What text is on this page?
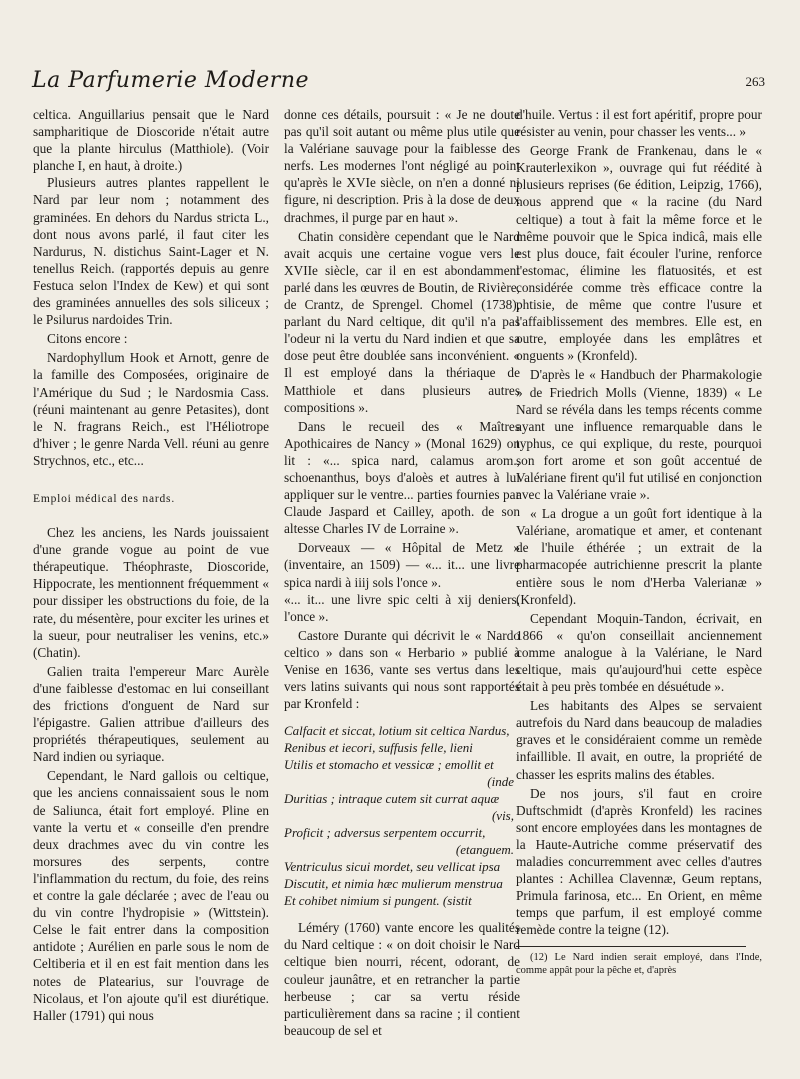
La Parfumerie Moderne	263

celtica. Anguillarius pensait que le Nard sampharitique de Dioscoride n'était autre que la plante hirculus (Matthiole). (Voir planche I, en haut, à droite.)

Plusieurs autres plantes rappellent le Nard par leur nom ; notamment des graminées. En dehors du Nardus stricta L., dont nous avons parlé, il faut citer les Nardurus, N. distichus Saint-Lager et N. tenellus Reich. (rapportés depuis au genre Festuca selon l'Index de Kew) et qui sont des graminées annuelles des sols siliceux ; le Psilurus nardoides Trin.

Citons encore :

Nardophyllum Hook et Arnott, genre de la famille des Composées, originaire de l'Amérique du Sud ; le Nardosmia Cass. (réuni maintenant au genre Petasites), dont le N. fragrans Reich., est l'Héliotrope d'hiver ; le genre Narda Vell. réuni au genre Strychnos, etc., etc...

Emploi médical des nards.

Chez les anciens, les Nards jouissaient d'une grande vogue au point de vue thérapeutique. Théophraste, Dioscoride, Hippocrate, les mentionnent fréquemment « pour dissiper les obstructions du foie, de la rate, du mésentère, pour exciter les urines et la sueur, pour neutraliser les venins, etc.» (Chatin).

Galien traita l'empereur Marc Aurèle d'une faiblesse d'estomac en lui conseillant des frictions d'onguent de Nard sur l'épigastre. Galien attribue d'ailleurs des propriétés thérapeutiques, seulement au Nard indien ou syriaque.

Cependant, le Nard gallois ou celtique, que les anciens connaissaient sous le nom de Saliunca, était fort employé. Pline en vante la vertu et « conseille d'en prendre deux drachmes avec du vin contre les morsures des serpents, contre l'inflammation du rectum, du foie, des reins et contre la gale déclarée ; avec de l'eau ou du vin contre l'hydropisie » (Wittstein). Celse le fait entrer dans la composition antidote ; Aurélien en parle sous le nom de Celtiberia et il en est fait mention dans les notes de Platearius, sur l'ouvrage de Nicolaus, et l'on ajoute qu'il est diurétique. Haller (1791) qui nous

donne ces détails, poursuit : « Je ne doute pas qu'il soit autant ou même plus utile que la Valériane sauvage pour la faiblesse des nerfs. Les modernes l'ont négligé au point qu'après le XVIe siècle, on n'en a donné ni figure, ni description. Pris à la dose de deux drachmes, il purge par en haut ».

Chatin considère cependant que le Nard avait acquis une certaine vogue vers le XVIIe siècle, car il en est abondamment parlé dans les œuvres de Boutin, de Rivière, de Crantz, de Sprengel. Chomel (1738), parlant du Nard celtique, dit qu'il n'a pas l'odeur ni la vertu du Nard indien et que sa dose peut être doublée sans inconvénient. « Il est employé dans la thériaque de Matthiole et dans plusieurs autres compositions ».

Dans le recueil des « Maîtres Apothicaires de Nancy » (Monal 1629) on lit : «... spica nard, calamus arom., schoenanthus, boys d'aloès et autres à lui appliquer sur le ventre... parties fournies par Claude Jaspard et Cailley, apoth. de son altesse Charles IV de Lorraine ».

Dorveaux — « Hôpital de Metz » (inventaire, an 1509) — «... it... une livre spica nardi à iiij sols l'once ».

«... it... une livre spic celti à xij deniers, l'once ».

Castore Durante qui décrivit le « Nardo celtico » dans son « Herbario » publié à Venise en 1636, vante ses vertus dans les vers latins suivants qui nous sont rapportés par Kronfeld :

Calfacit et siccat, lotium sit celtica Nardus,
Renibus et iecori, suffusis felle, lieni
Utilis et stomacho et vessicæ ; emollit et
(inde
Duritias ; intraque cutem sit currat aquæ
(vis,
Proficit ; adversus serpentem occurrit,
(etanguem.
Ventriculus sicui mordet, seu vellicat ipsa
Discutit, et nimia hæc mulierum menstrua
Et cohibet nimium si pungent. (sistit

Léméry (1760) vante encore les qualités du Nard celtique : « on doit choisir le Nard celtique bien nourri, récent, odorant, de couleur jaunâtre, et en retrancher la partie herbeuse ; car sa vertu réside particulièrement dans sa racine ; il contient beaucoup de sel et

d'huile. Vertus : il est fort apéritif, propre pour résister au venin, pour chasser les vents... »

George Frank de Frankenau, dans le « Krauterlexikon », ouvrage qui fut réédité à plusieurs reprises (6e édition, Leipzig, 1766), nous apprend que « la racine (du Nard celtique) a tout à fait la même force et le même pouvoir que le Spica indicâ, mais elle est plus douce, fait écouler l'urine, renforce l'estomac, élimine les flatuosités, et est considérée comme très efficace contre la phtisie, de même que contre l'usure et l'affaiblissement des membres. Elle est, en outre, employée dans les emplâtres et onguents » (Kronfeld).

D'après le « Handbuch der Pharmakologie » de Friedrich Molls (Vienne, 1839) « Le Nard se révéla dans les temps récents comme ayant une influence remarquable dans le typhus, ce qui explique, du reste, pourquoi son fort arome et son goût accentué de Valériane firent qu'il fut utilisé en conjonction avec la Valériane vraie ».

« La drogue a un goût fort identique à la Valériane, aromatique et amer, et contenant de l'huile éthérée ; un extrait de la pharmacopée autrichienne prescrit la plante entière sous le nom d'Herba Valerianæ » (Kronfeld).

Cependant Moquin-Tandon, écrivait, en 1866 « qu'on conseillait anciennement comme analogue à la Valériane, le Nard celtique, mais qu'aujourd'hui cette espèce était à peu près tombée en désuétude ».

Les habitants des Alpes se servaient autrefois du Nard dans beaucoup de maladies graves et le considéraient comme un remède infaillible. Il avait, en outre, la propriété de chasser les esprits malins des étables.

De nos jours, s'il faut en croire Duftschmidt (d'après Kronfeld) les racines sont encore employées dans les montagnes de la Haute-Autriche comme préservatif des maladies concurremment avec celles d'autres plantes : Achillea Clavennæ, Geum reptans, Primula farinosa, etc... En Orient, en même temps que parfum, il est employé comme remède contre la teigne (12).

(12) Le Nard indien serait employé, dans l'Inde, comme appât pour la pêche et, d'après
